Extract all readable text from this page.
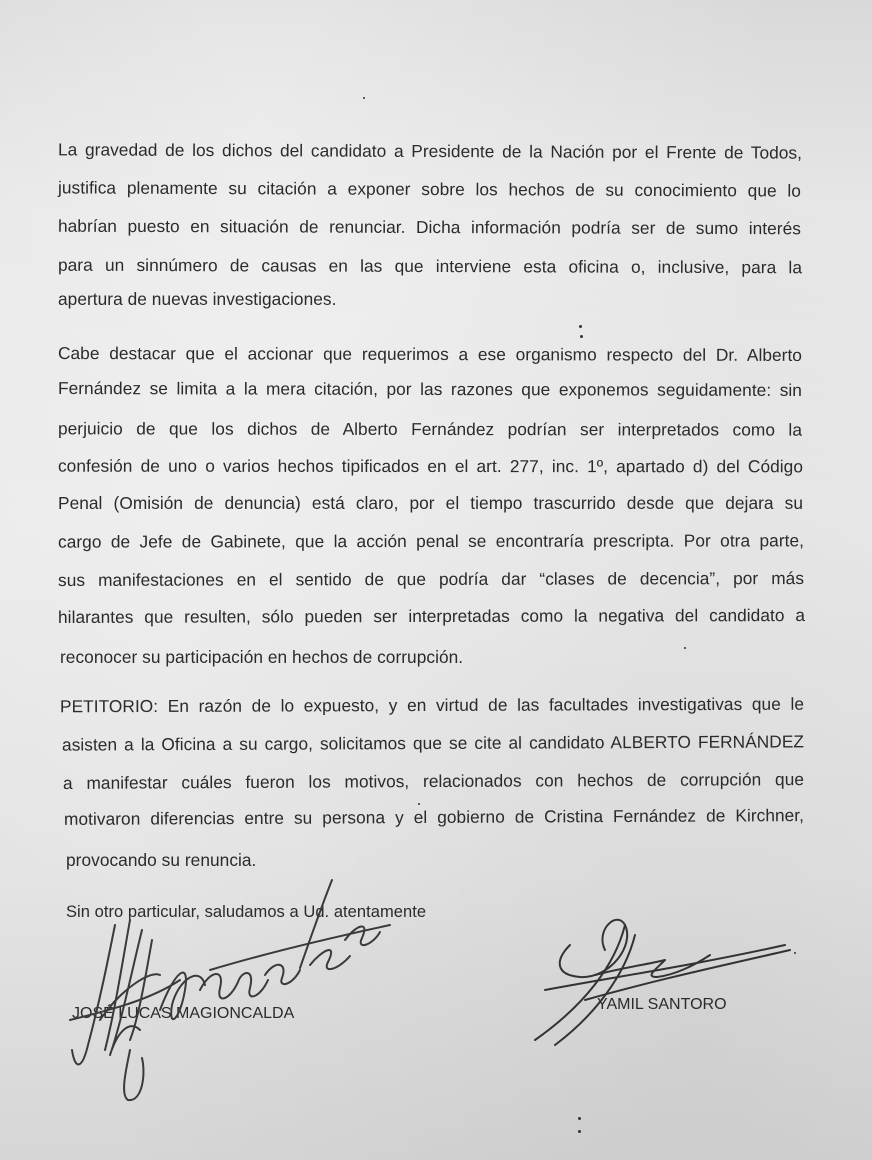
La gravedad de los dichos del candidato a Presidente de la Nación por el Frente de Todos,
justifica plenamente su citación a exponer sobre los hechos de su conocimiento que lo
habrían puesto en situación de renunciar. Dicha información podría ser de sumo interés
para un sinnúmero de causas en las que interviene esta oficina o, inclusive, para la
apertura de nuevas investigaciones.
Cabe destacar que el accionar que requerimos a ese organismo respecto del Dr. Alberto
Fernández se limita a la mera citación, por las razones que exponemos seguidamente: sin
perjuicio de que los dichos de Alberto Fernández podrían ser interpretados como la
confesión de uno o varios hechos tipificados en el art. 277, inc. 1º, apartado d) del Código
Penal (Omisión de denuncia) está claro, por el tiempo trascurrido desde que dejara su
cargo de Jefe de Gabinete, que la acción penal se encontraría prescripta. Por otra parte,
sus manifestaciones en el sentido de que podría dar “clases de decencia”, por más
hilarantes que resulten, sólo pueden ser interpretadas como la negativa del candidato a
reconocer su participación en hechos de corrupción.
PETITORIO: En razón de lo expuesto, y en virtud de las facultades investigativas que le
asisten a la Oficina a su cargo, solicitamos que se cite al candidato ALBERTO FERNÁNDEZ
a manifestar cuáles fueron los motivos, relacionados con hechos de corrupción que
motivaron diferencias entre su persona y el gobierno de Cristina Fernández de Kirchner,
provocando su renuncia.
Sin otro particular, saludamos a Ud. atentamente
JOSÉ LUCAS MAGIONCALDA
YAMIL SANTORO
